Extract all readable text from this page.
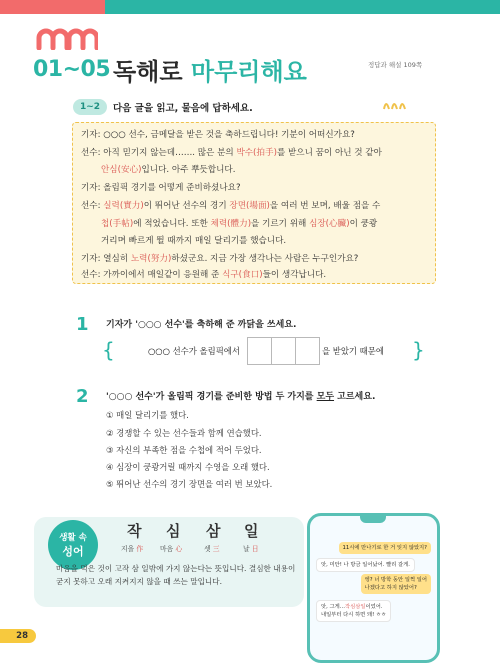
01~05 독해로 마무리해요	정답과 해설 109쪽
1~2	다음 글을 읽고, 물음에 답하세요.
기자: ○○○ 선수, 금메달을 받은 것을 축하드립니다! 기분이 어떠신가요?
선수: 아직 믿기지 않는데……. 많은 분의 박수(拍手)를 받으니 꿈이 아닌 것 같아
안심(安心)입니다. 아주 뿌듯합니다.
기자: 올림픽 경기를 어떻게 준비하셨나요?
선수: 실력(實力)이 뛰어난 선수의 경기 장면(場面)을 여러 번 보며, 배울 점을 수
첩(手帖)에 적었습니다. 또한 체력(體力)을 기르기 위해 심장(心臟)이 쿵쾅
거리며 빠르게 뛸 때까지 매일 달리기를 했습니다.
기자: 열심히 노력(努力)하셨군요. 지금 가장 생각나는 사람은 누구인가요?
선수: 가까이에서 매일같이 응원해 준 식구(食口)들이 생각납니다.
1 기자가 '○○○ 선수'를 축하해 준 까닭을 쓰세요.
{	○○○ 선수가 올림픽에서	을 받았기 때문에 }
2 '○○○ 선수'가 올림픽 경기를 준비한 방법 두 가지를 모두 고르세요.
① 매일 달리기를 했다.
② 경쟁할 수 있는 선수들과 함께 연습했다.
③ 자신의 부족한 점을 수첩에 적어 두었다.
④ 심장이 쿵쾅거릴 때까지 수영을 오래 했다.
⑤ 뛰어난 선수의 경기 장면을 여러 번 보았다.
생활 속
성어
작 심 삼 일
지을 作 마음 心	셋 三	날 日
마음을 먹은 것이 고작 삼 일밖에 가지 않는다는 뜻입니다. 결심한 내용이 굳지 못하고 오래 지켜지지 않을 때 쓰는 말입니다.
11시에 만나기로 한 거 잊지 않았지?
앗, 미안! 나 방금 일어났어. 빨리 갈게.
엥? 너 방학 동안 일찍 일어
나겠다고 하지 않았어?
앗, 그게…작심삼일이었어.
내일부터 다시 하면 돼! ㅎㅎ
28
